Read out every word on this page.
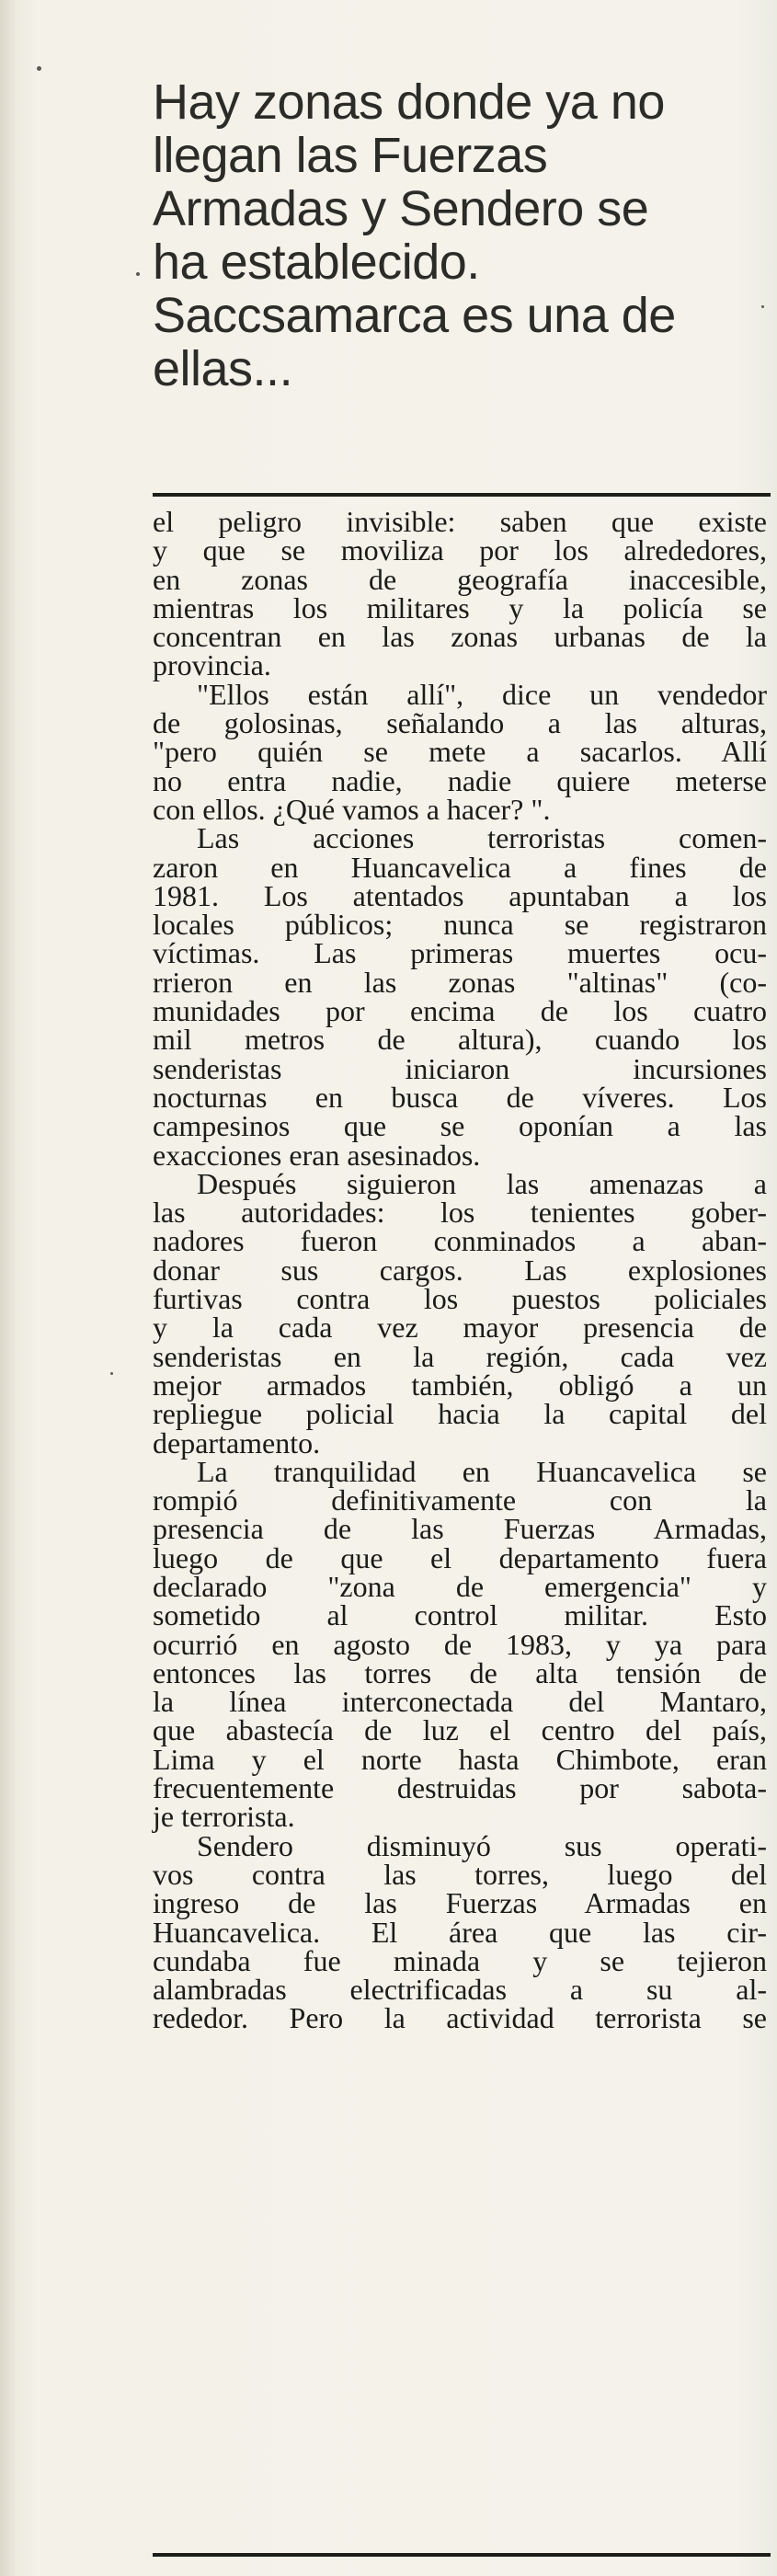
Hay zonas donde ya no
llegan las Fuerzas
Armadas y Sendero se
ha establecido.
Saccsamarca es una de
ellas...
el peligro invisible: saben que existe
y que se moviliza por los alrededores,
en zonas de geografía inaccesible,
mientras los militares y la policía se
concentran en las zonas urbanas de la
provincia.
"Ellos están allí", dice un vendedor
de golosinas, señalando a las alturas,
"pero quién se mete a sacarlos. Allí
no entra nadie, nadie quiere meterse
con ellos. ¿Qué vamos a hacer? ".
Las acciones terroristas comen-
zaron en Huancavelica a fines de
1981. Los atentados apuntaban a los
locales públicos; nunca se registraron
víctimas. Las primeras muertes ocu-
rrieron en las zonas "altinas" (co-
munidades por encima de los cuatro
mil metros de altura), cuando los
senderistas iniciaron incursiones
nocturnas en busca de víveres. Los
campesinos que se oponían a las
exacciones eran asesinados.
Después siguieron las amenazas a
las autoridades: los tenientes gober-
nadores fueron conminados a aban-
donar sus cargos. Las explosiones
furtivas contra los puestos policiales
y la cada vez mayor presencia de
senderistas en la región, cada vez
mejor armados también, obligó a un
repliegue policial hacia la capital del
departamento.
La tranquilidad en Huancavelica se
rompió definitivamente con la
presencia de las Fuerzas Armadas,
luego de que el departamento fuera
declarado "zona de emergencia" y
sometido al control militar. Esto
ocurrió en agosto de 1983, y ya para
entonces las torres de alta tensión de
la línea interconectada del Mantaro,
que abastecía de luz el centro del país,
Lima y el norte hasta Chimbote, eran
frecuentemente destruidas por sabota-
je terrorista.
Sendero disminuyó sus operati-
vos contra las torres, luego del
ingreso de las Fuerzas Armadas en
Huancavelica. El área que las cir-
cundaba fue minada y se tejieron
alambradas electrificadas a su al-
rededor. Pero la actividad terrorista se
